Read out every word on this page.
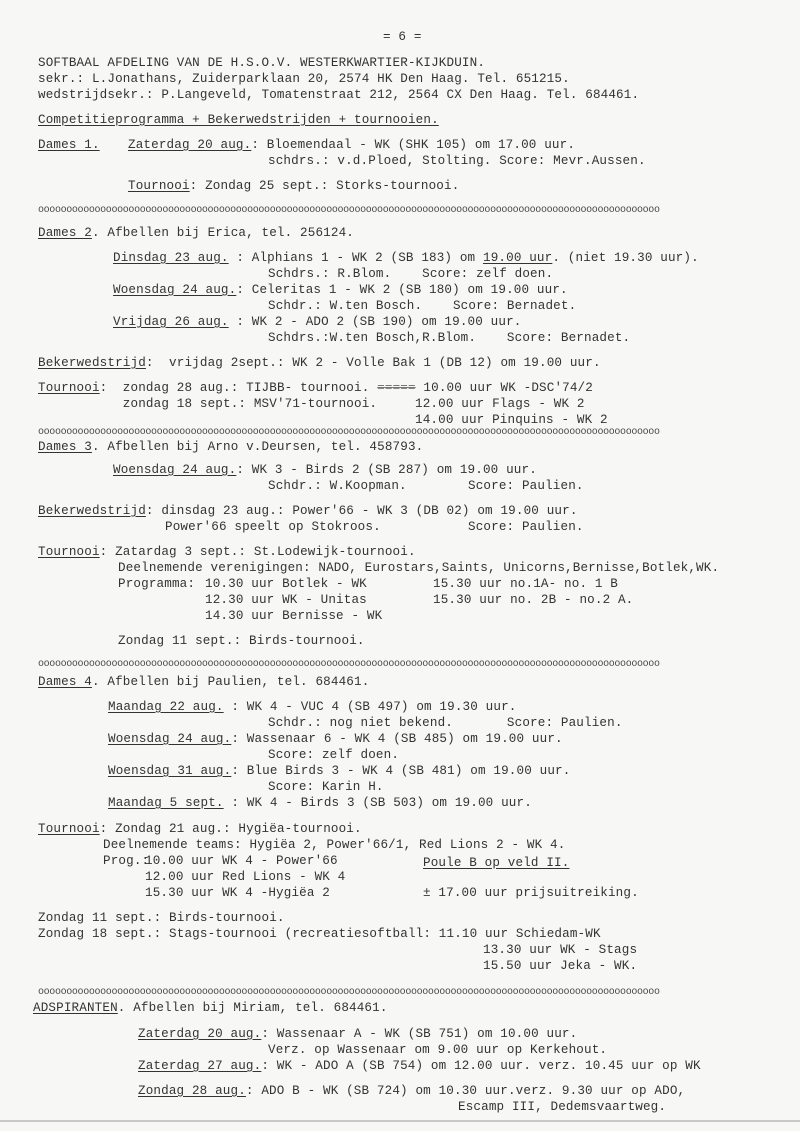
= 6 =
SOFTBAAL AFDELING VAN DE H.S.O.V. WESTERKWARTIER-KIJKDUIN.
sekr.: L.Jonathans, Zuiderparklaan 20, 2574 HK Den Haag. Tel. 651215.
wedstrijdsekr.: P.Langeveld, Tomatenstraat 212, 2564 CX Den Haag. Tel. 684461.
Competitieprogramma + Bekerwedstrijden + tournooien.
Dames 1. Zaterdag 20 aug.: Bloemendaal - WK (SHK 105) om 17.00 uur.
schdrs.: v.d.Ploed, Stolting. Score: Mevr.Aussen.
Tournooi: Zondag 25 sept.: Storks-tournooi.
oooooooooooooooooooooooooooooooooooooooooooooooooooooooooooooooooooooooooooooooooooooooooooooooooooooooooooooo
Dames 2. Afbellen bij Erica, tel. 256124.
Dinsdag 23 aug. : Alphians 1 - WK 2 (SB 183) om 19.00 uur. (niet 19.30 uur).
Schdrs.: R.Blom.    Score: zelf doen.
Woensdag 24 aug.: Celeritas 1 - WK 2 (SB 180) om 19.00 uur.
Schdr.: W.ten Bosch.    Score: Bernadet.
Vrijdag 26 aug. : WK 2 - ADO 2 (SB 190) om 19.00 uur.
Schdrs.:W.ten Bosch,R.Blom.    Score: Bernadet.
Bekerwedstrijd:  vrijdag 2sept.: WK 2 - Volle Bak 1 (DB 12) om 19.00 uur.
Tournooi:  zondag 28 aug.: TIJBB- tournooi. ===== 10.00 uur WK -DSC'74/2
zondag 18 sept.: MSV'71-tournooi.	12.00 uur Flags - WK 2
14.00 uur Pinquins - WK 2
oooooooooooooooooooooooooooooooooooooooooooooooooooooooooooooooooooooooooooooooooooooooooooooooooooooooooooooo
Dames 3. Afbellen bij Arno v.Deursen, tel. 458793.
Woensdag 24 aug.: WK 3 - Birds 2 (SB 287) om 19.00 uur.
Schdr.: W.Koopman.	Score: Paulien.
Bekerwedstrijd: dinsdag 23 aug.: Power'66 - WK 3 (DB 02) om 19.00 uur.
Power'66 speelt op Stokroos.	Score: Paulien.
Tournooi: Zatardag 3 sept.: St.Lodewijk-tournooi.
Deelnemende verenigingen: NADO, Eurostars,Saints, Unicorns,Bernisse,Botlek,WK.
Programma: 10.30 uur Botlek - WK
12.30 uur WK - Unitas
14.30 uur Bernisse - WK
15.30 uur no.1A- no. 1 B
15.30 uur no. 2B - no.2 A.
Zondag 11 sept.: Birds-tournooi.
oooooooooooooooooooooooooooooooooooooooooooooooooooooooooooooooooooooooooooooooooooooooooooooooooooooooooooooo
Dames 4. Afbellen bij Paulien, tel. 684461.
Maandag 22 aug. : WK 4 - VUC 4 (SB 497) om 19.30 uur.
Schdr.: nog niet bekend.       Score: Paulien.
Woensdag 24 aug.: Wassenaar 6 - WK 4 (SB 485) om 19.00 uur.
Score: zelf doen.
Woensdag 31 aug.: Blue Birds 3 - WK 4 (SB 481) om 19.00 uur.
Score: Karin H.
Maandag 5 sept. : WK 4 - Birds 3 (SB 503) om 19.00 uur.
Tournooi: Zondag 21 aug.: Hygiëa-tournooi.
Deelnemende teams: Hygiëa 2, Power'66/1, Red Lions 2 - WK 4.
Prog.:
10.00 uur WK 4 - Power'66
12.00 uur Red Lions - WK 4
15.30 uur WK 4 -Hygiëa 2
Poule B op veld II.
± 17.00 uur prijsuitreiking.
Zondag 11 sept.: Birds-tournooi.
Zondag 18 sept.: Stags-tournooi (recreatiesoftball: 11.10 uur Schiedam-WK
13.30 uur WK - Stags
15.50 uur Jeka - WK.
oooooooooooooooooooooooooooooooooooooooooooooooooooooooooooooooooooooooooooooooooooooooooooooooooooooooooooooo
ADSPIRANTEN. Afbellen bij Miriam, tel. 684461.
Zaterdag 20 aug.: Wassenaar A - WK (SB 751) om 10.00 uur.
Verz. op Wassenaar om 9.00 uur op Kerkehout.
Zaterdag 27 aug.: WK - ADO A (SB 754) om 12.00 uur. verz. 10.45 uur op WK
Zondag 28 aug.: ADO B - WK (SB 724) om 10.30 uur.verz. 9.30 uur op ADO,
Escamp III, Dedemsvaartweg.
